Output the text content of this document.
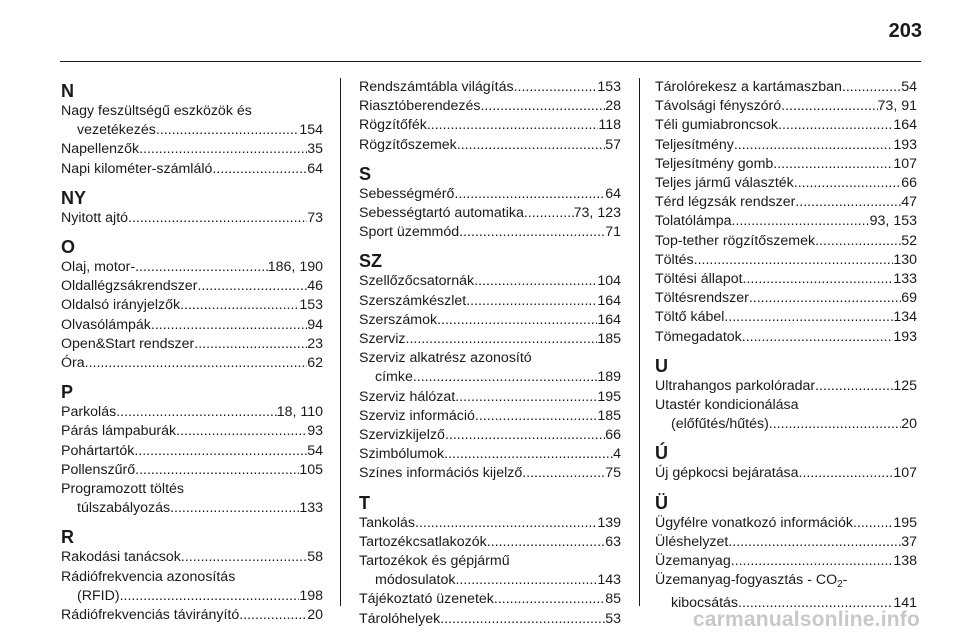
203
N
Nagy feszültségű eszközök és
vezetékezés .....	154
Napellenzők .....	35
Napi kilométer-számláló .....	64
NY
Nyitott ajtó .....	73
O
Olaj, motor- .....	186, 190
Oldallégzsákrendszer .....	46
Oldalsó irányjelzők .....	153
Olvasólámpák .....	94
Open&Start rendszer .....	23
Óra .....	62
P
Parkolás .....	18, 110
Párás lámpaburák .....	93
Pohártartók .....	54
Pollenszűrő .....	105
Programozott töltés
túlszabályozás .....	133
R
Rakodási tanácsok .....	58
Rádiófrekvencia azonosítás
(RFID) .....	198
Rádiófrekvenciás távirányító .....	20
Rendszámtábla világítás .....	153
Riasztóberendezés .....	28
Rögzítőfék .....	118
Rögzítőszemek .....	57
S
Sebességmérő .....	64
Sebességtartó automatika .....	73, 123
Sport üzemmód .....	71
SZ
Szellőzőcsatornák .....	104
Szerszámkészlet .....	164
Szerszámok .....	164
Szerviz .....	185
Szerviz alkatrész azonosító
címke .....	189
Szerviz hálózat .....	195
Szerviz információ .....	185
Szervizkijelző .....	66
Szimbólumok .....	4
Színes információs kijelző .....	75
T
Tankolás .....	139
Tartozékcsatlakozók .....	63
Tartozékok és gépjármű
módosulatok .....	143
Tájékoztató üzenetek .....	85
Tárolóhelyek .....	53
Tárolórekesz a kartámaszban .....	54
Távolsági fényszóró .....	73, 91
Téli gumiabroncsok .....	164
Teljesítmény .....	193
Teljesítmény gomb .....	107
Teljes jármű választék .....	66
Térd légzsák rendszer .....	47
Tolatólámpa .....	93, 153
Top-tether rögzítőszemek .....	52
Töltés .....	130
Töltési állapot .....	133
Töltésrendszer .....	69
Töltő kábel .....	134
Tömegadatok .....	193
U
Ultrahangos parkolóradar .....	125
Utastér kondicionálása
(előfűtés/hűtés) .....	20
Ú
Új gépkocsi bejáratása .....	107
Ü
Ügyfélre vonatkozó információk .....	195
Üléshelyzet .....	37
Üzemanyag .....	138
Üzemanyag-fogyasztás - $CO_2-$
kibocsátás .....	141
carmanualsonline.info
